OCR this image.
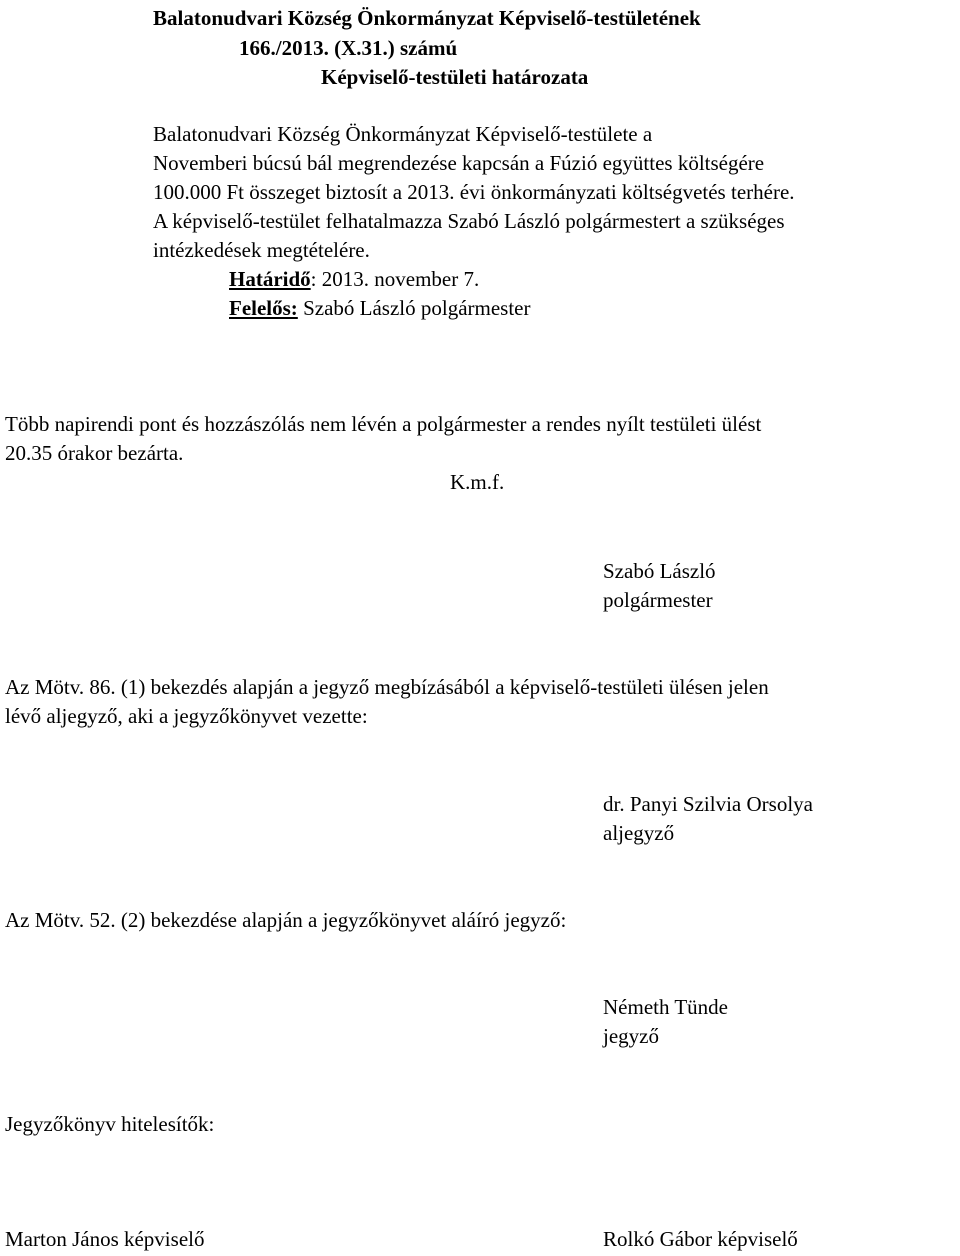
Balatonudvari Község Önkormányzat Képviselő-testületének
166./2013. (X.31.) számú
Képviselő-testületi határozata
Balatonudvari Község Önkormányzat Képviselő-testülete a
Novemberi búcsú bál megrendezése kapcsán a Fúzió együttes költségére
100.000 Ft összeget biztosít a 2013. évi önkormányzati költségvetés terhére.
A képviselő-testület felhatalmazza Szabó László polgármestert a szükséges
intézkedések megtételére.
Határidő: 2013. november 7.
Felelős: Szabó László polgármester
Több napirendi pont és hozzászólás nem lévén a polgármester a rendes nyílt testületi ülést
20.35 órakor bezárta.
K.m.f.
Szabó László
polgármester
Az Mötv. 86. (1) bekezdés alapján a jegyző megbízásából a képviselő-testületi ülésen jelen
lévő aljegyző, aki a jegyzőkönyvet vezette:
dr. Panyi Szilvia Orsolya
aljegyző
Az Mötv. 52. (2) bekezdése alapján a jegyzőkönyvet aláíró jegyző:
Németh Tünde
jegyző
Jegyzőkönyv hitelesítők:
Marton János képviselő	Rolkó Gábor képviselő
